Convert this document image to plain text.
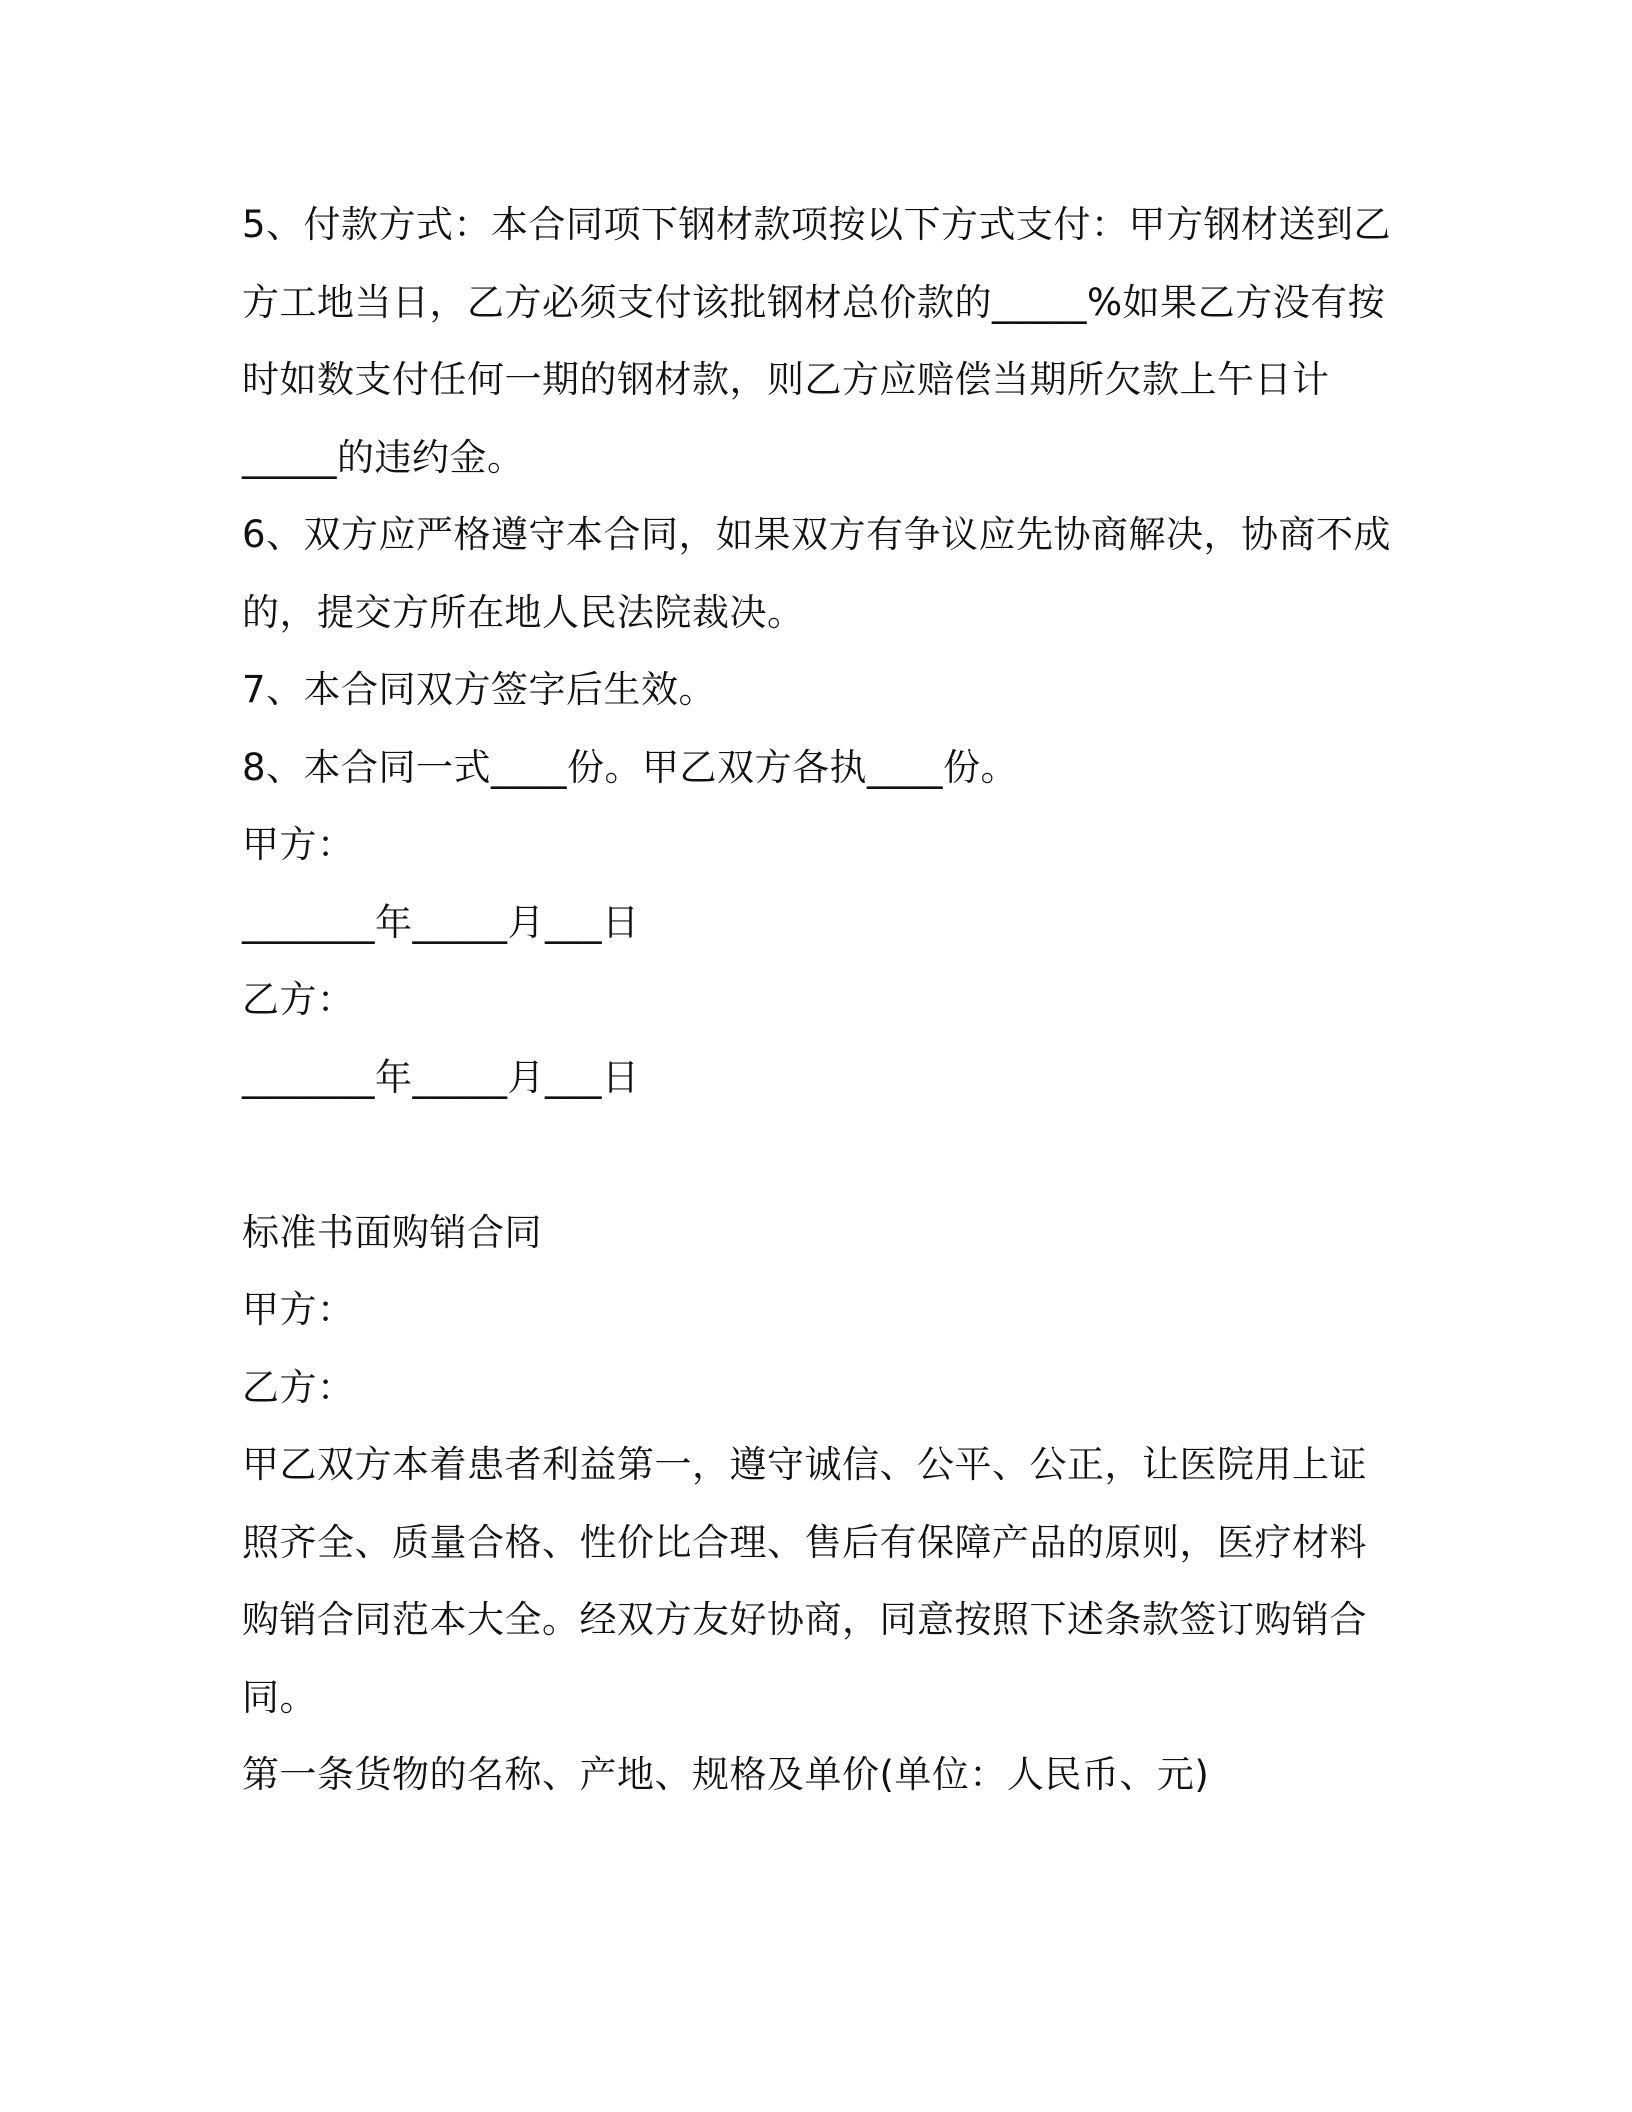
5、付款方式：本合同项下钢材款项按以下方式支付：甲方钢材送到乙
方工地当日，乙方必须支付该批钢材总价款的_____%如果乙方没有按
时如数支付任何一期的钢材款，则乙方应赔偿当期所欠款上午日计
_____的违约金。
6、双方应严格遵守本合同，如果双方有争议应先协商解决，协商不成
的，提交方所在地人民法院裁决。
7、本合同双方签字后生效。
8、本合同一式____份。甲乙双方各执____份。
甲方：
_______年_____月___日
乙方：
_______年_____月___日
标准书面购销合同
甲方：
乙方：
甲乙双方本着患者利益第一，遵守诚信、公平、公正，让医院用上证
照齐全、质量合格、性价比合理、售后有保障产品的原则，医疗材料
购销合同范本大全。经双方友好协商，同意按照下述条款签订购销合
同。
第一条货物的名称、产地、规格及单价(单位：人民币、元)
